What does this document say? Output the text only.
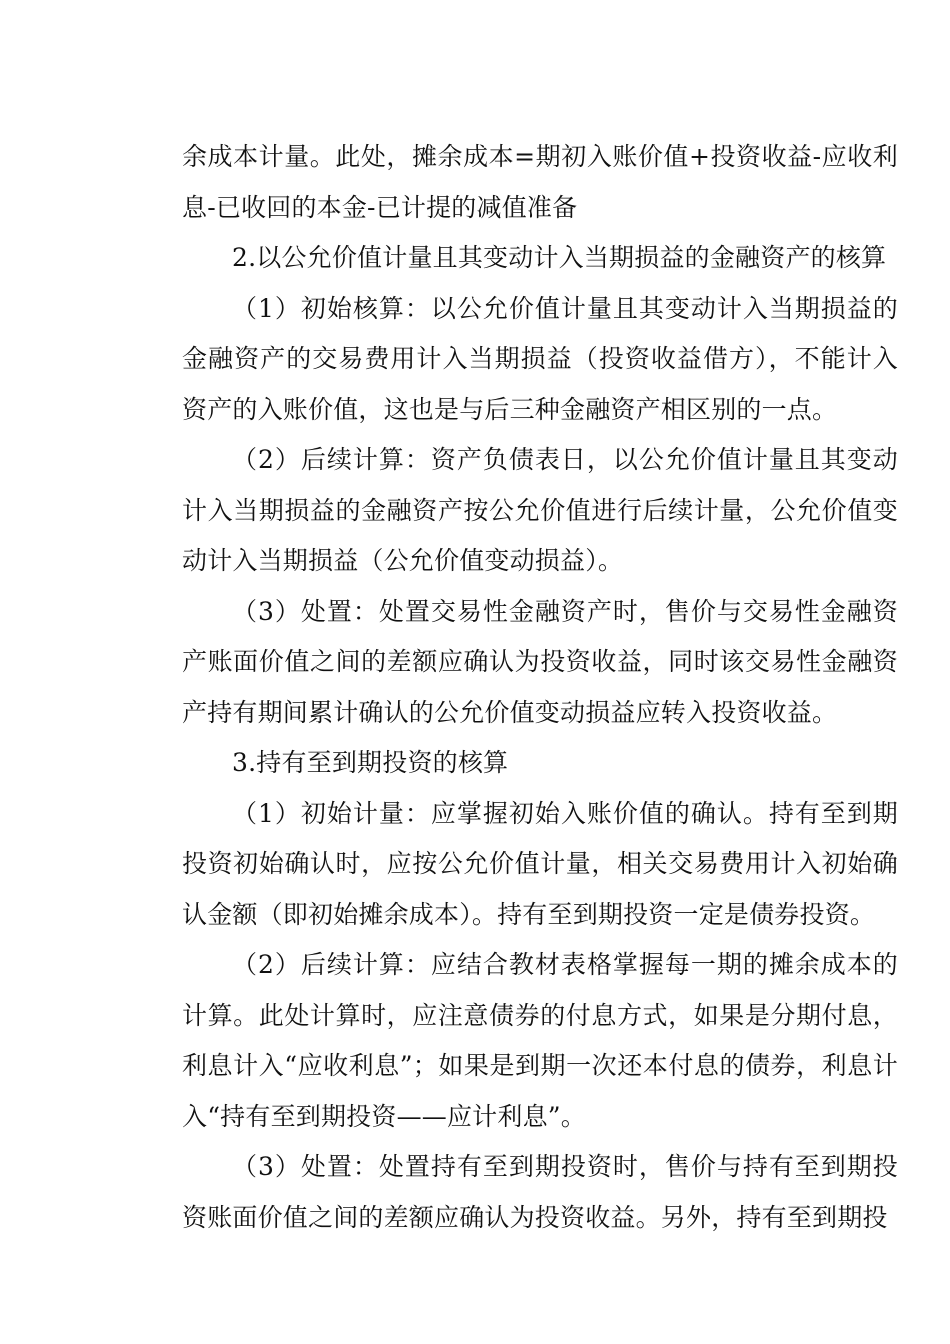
余成本计量。此处，摊余成本=期初入账价值+投资收益-应收利息-已收回的本金-已计提的减值准备

2.以公允价值计量且其变动计入当期损益的金融资产的核算

（1）初始核算：以公允价值计量且其变动计入当期损益的金融资产的交易费用计入当期损益（投资收益借方），不能计入资产的入账价值，这也是与后三种金融资产相区别的一点。

（2）后续计算：资产负债表日，以公允价值计量且其变动计入当期损益的金融资产按公允价值进行后续计量，公允价值变动计入当期损益（公允价值变动损益）。

（3）处置：处置交易性金融资产时，售价与交易性金融资产账面价值之间的差额应确认为投资收益，同时该交易性金融资产持有期间累计确认的公允价值变动损益应转入投资收益。

3.持有至到期投资的核算

（1）初始计量：应掌握初始入账价值的确认。持有至到期投资初始确认时，应按公允价值计量，相关交易费用计入初始确认金额（即初始摊余成本）。持有至到期投资一定是债券投资。

（2）后续计算：应结合教材表格掌握每一期的摊余成本的计算。此处计算时，应注意债券的付息方式，如果是分期付息，利息计入“应收利息”；如果是到期一次还本付息的债券，利息计入“持有至到期投资——应计利息”。

（3）处置：处置持有至到期投资时，售价与持有至到期投资账面价值之间的差额应确认为投资收益。另外，持有至到期投
